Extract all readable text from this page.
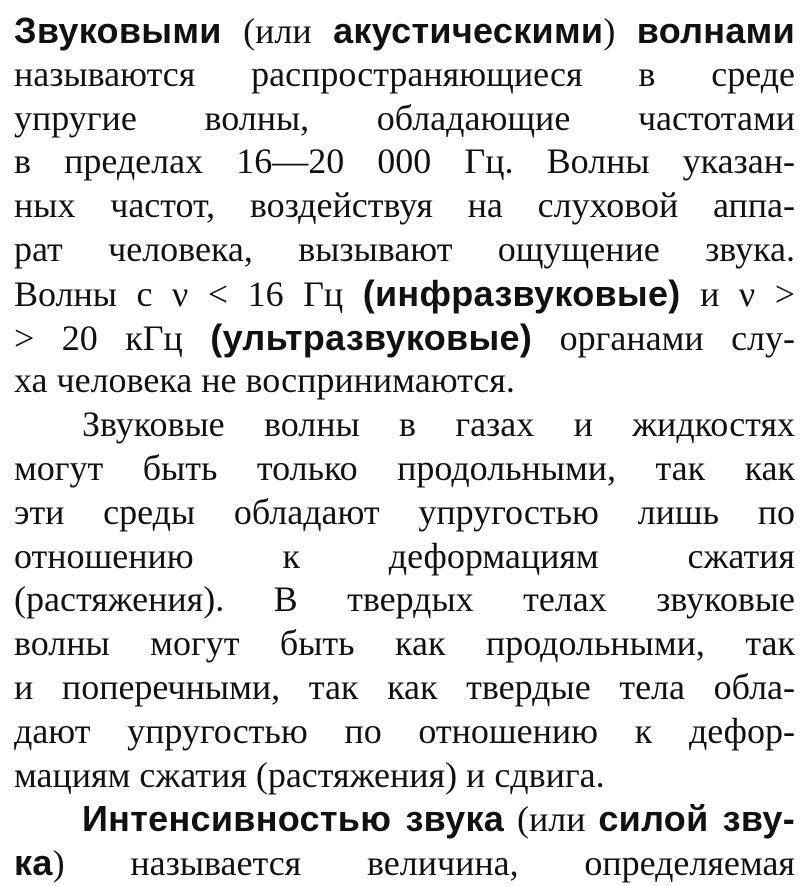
Звуковыми (или акустическими) волнами
называются распространяющиеся в среде
упругие волны, обладающие частотами
в пределах 16—20 000 Гц. Волны указан-
ных частот, воздействуя на слуховой аппа-
рат человека, вызывают ощущение звука.
Волны с ν < 16 Гц (инфразвуковые) и ν >
> 20 кГц (ультразвуковые) органами слу-
ха человека не воспринимаются.
Звуковые волны в газах и жидкостях
могут быть только продольными, так как
эти среды обладают упругостью лишь по
отношению к деформациям сжатия
(растяжения). В твердых телах звуковые
волны могут быть как продольными, так
и поперечными, так как твердые тела обла-
дают упругостью по отношению к дефор-
мациям сжатия (растяжения) и сдвига.
Интенсивностью звука (или силой зву-
ка) называется величина, определяемая
